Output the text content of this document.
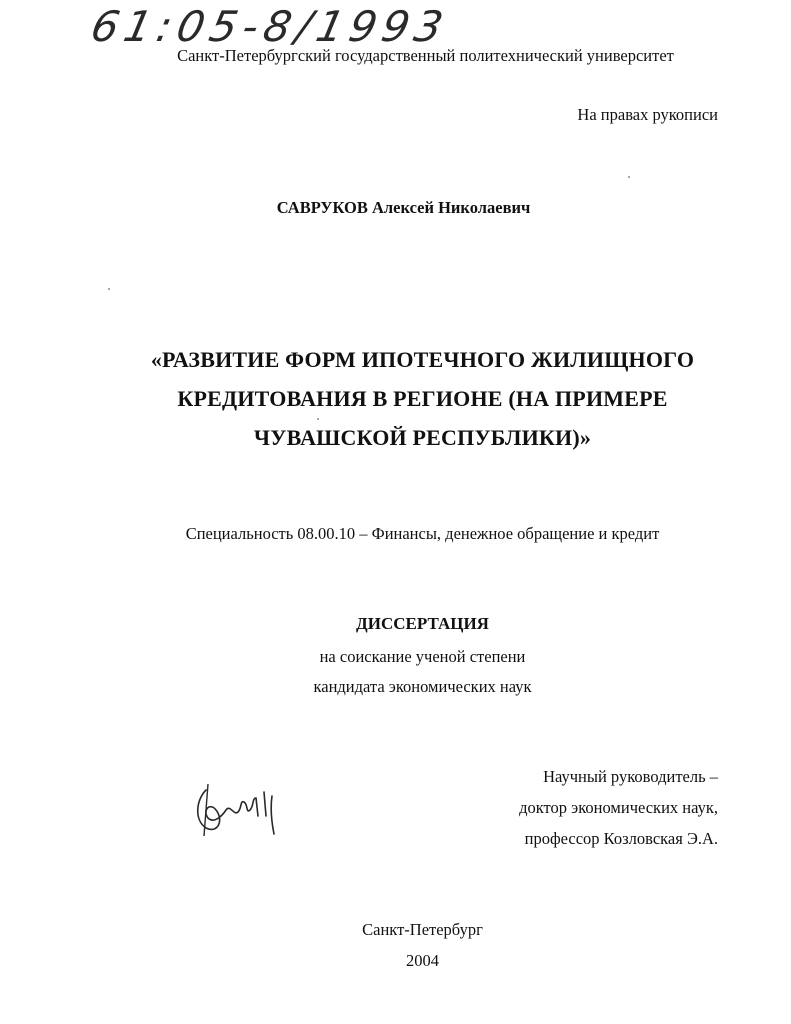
61:05-8/1993
Санкт-Петербургский государственный политехнический университет
На правах рукописи
САВРУКОВ Алексей Николаевич
«РАЗВИТИЕ ФОРМ ИПОТЕЧНОГО ЖИЛИЩНОГО
КРЕДИТОВАНИЯ В РЕГИОНЕ (НА ПРИМЕРЕ
ЧУВАШСКОЙ РЕСПУБЛИКИ)»
Специальность 08.00.10 – Финансы, денежное обращение и кредит
ДИССЕРТАЦИЯ
на соискание ученой степени
кандидата экономических наук
Научный руководитель –
доктор экономических наук,
профессор Козловская Э.А.
Санкт-Петербург
2004
